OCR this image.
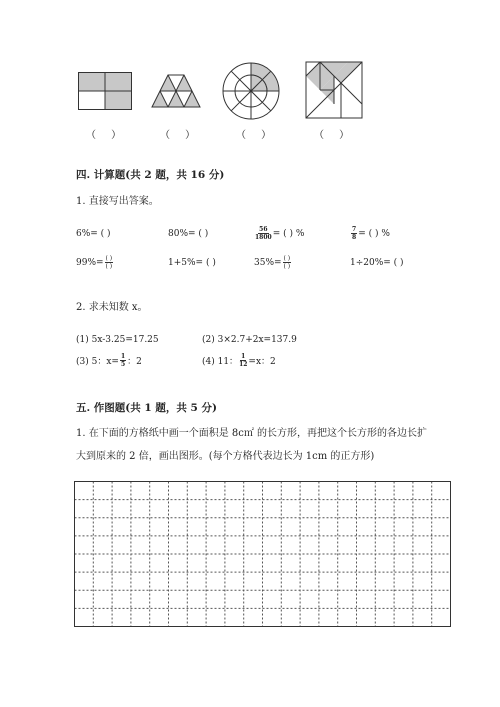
（ ）	（ ）	（ ）	（ ）
四. 计算题(共 2 题，共 16 分)
1. 直接写出答案。
6%= ( )	80%= ( )	$\frac{56}{1800}$ = ( ) %	$\frac{7}{8}$ = ( ) %
$99\%= \frac{( )}{( )}$	1+5%= ( )	$35\%= \frac{( )}{( )}$	1÷20%= ( )
2. 求未知数 x。
(1) 5x-3.25=17.25	(2) 3×2.7+2x=137.9
(3) 5：$x= \frac{1}{5}$ ：2	(4) 11： $\frac{1}{12} =x$：2
五. 作图题(共 1 题，共 5 分)
1. 在下面的方格纸中画一个面积是 8c㎡ 的长方形，再把这个长方形的各边长扩
大到原来的 2 倍，画出图形。(每个方格代表边长为 1cm 的正方形)
